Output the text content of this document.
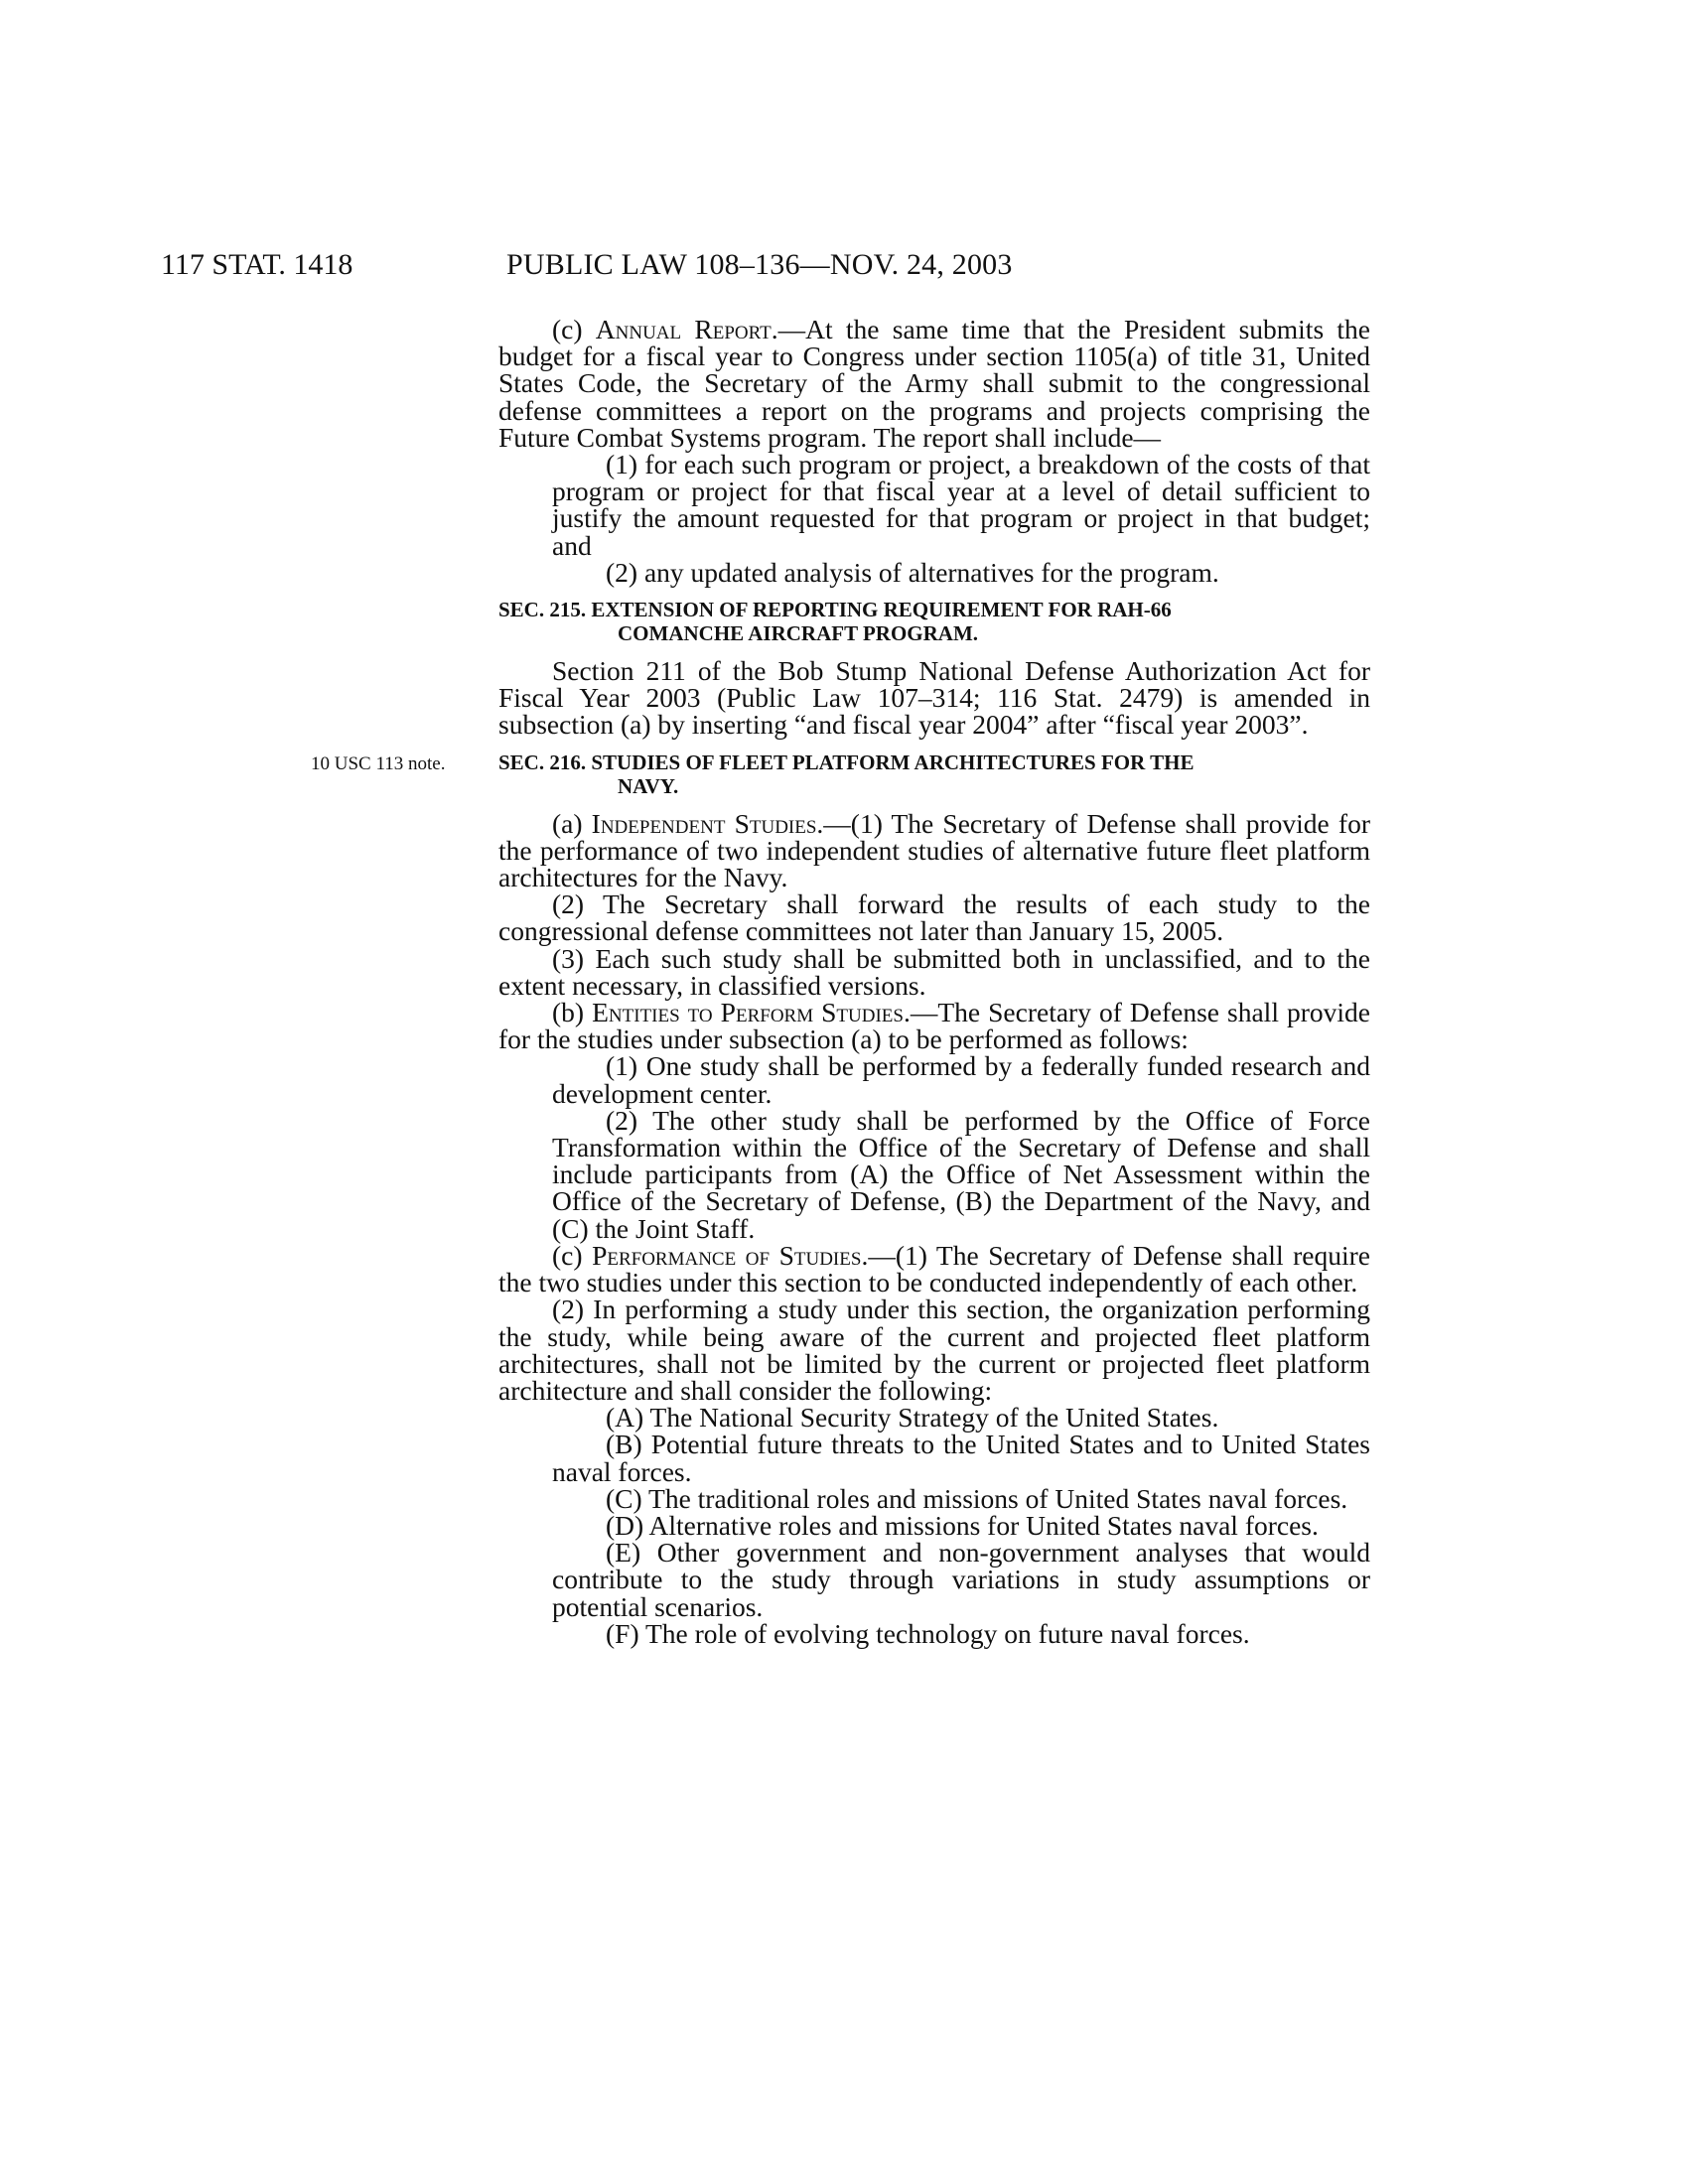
117 STAT. 1418	PUBLIC LAW 108–136—NOV. 24, 2003

(c) Annual Report.—At the same time that the President submits the budget for a fiscal year to Congress under section 1105(a) of title 31, United States Code, the Secretary of the Army shall submit to the congressional defense committees a report on the programs and projects comprising the Future Combat Systems program. The report shall include—

(1) for each such program or project, a breakdown of the costs of that program or project for that fiscal year at a level of detail sufficient to justify the amount requested for that program or project in that budget; and

(2) any updated analysis of alternatives for the program.

SEC. 215. EXTENSION OF REPORTING REQUIREMENT FOR RAH-66
COMANCHE AIRCRAFT PROGRAM.

Section 211 of the Bob Stump National Defense Authorization Act for Fiscal Year 2003 (Public Law 107–314; 116 Stat. 2479) is amended in subsection (a) by inserting “and fiscal year 2004” after “fiscal year 2003”.

10 USC 113 note.	SEC. 216. STUDIES OF FLEET PLATFORM ARCHITECTURES FOR THE
NAVY.

(a) Independent Studies.—(1) The Secretary of Defense shall provide for the performance of two independent studies of alternative future fleet platform architectures for the Navy.

(2) The Secretary shall forward the results of each study to the congressional defense committees not later than January 15, 2005.

(3) Each such study shall be submitted both in unclassified, and to the extent necessary, in classified versions.

(b) Entities to Perform Studies.—The Secretary of Defense shall provide for the studies under subsection (a) to be performed as follows:

(1) One study shall be performed by a federally funded research and development center.

(2) The other study shall be performed by the Office of Force Transformation within the Office of the Secretary of Defense and shall include participants from (A) the Office of Net Assessment within the Office of the Secretary of Defense, (B) the Department of the Navy, and (C) the Joint Staff.

(c) Performance of Studies.—(1) The Secretary of Defense shall require the two studies under this section to be conducted independently of each other.

(2) In performing a study under this section, the organization performing the study, while being aware of the current and projected fleet platform architectures, shall not be limited by the current or projected fleet platform architecture and shall consider the following:

(A) The National Security Strategy of the United States.

(B) Potential future threats to the United States and to United States naval forces.

(C) The traditional roles and missions of United States naval forces.

(D) Alternative roles and missions for United States naval forces.

(E) Other government and non-government analyses that would contribute to the study through variations in study assumptions or potential scenarios.

(F) The role of evolving technology on future naval forces.
